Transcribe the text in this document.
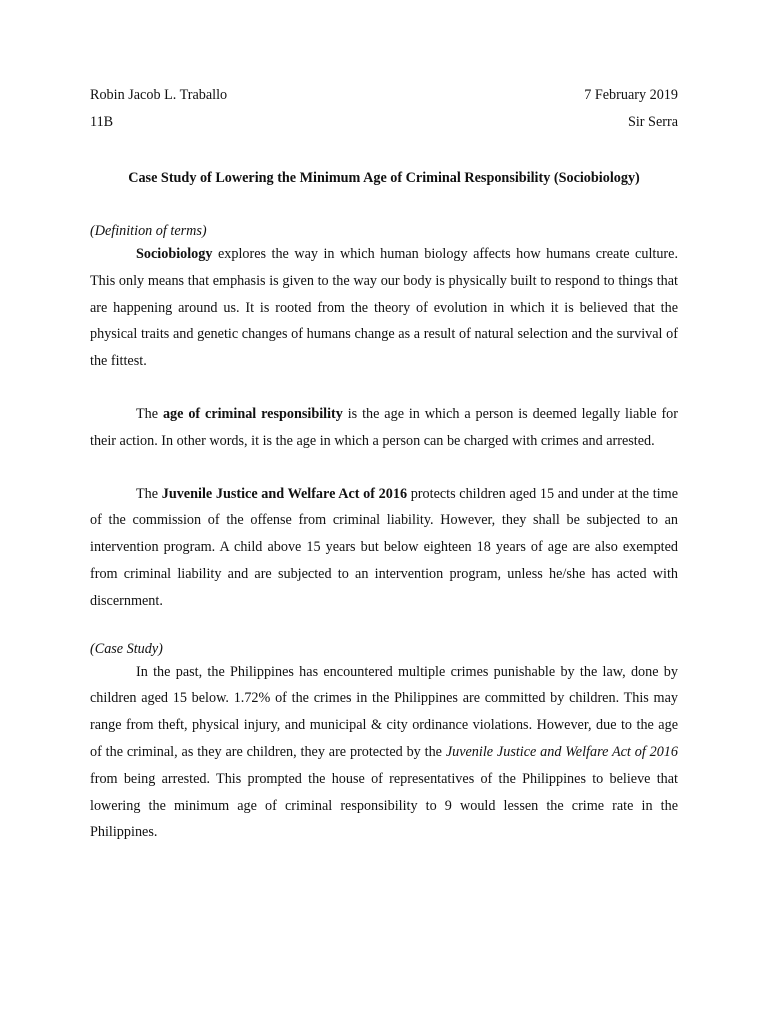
Robin Jacob L. Traballo	7 February 2019
11B	Sir Serra
Case Study of Lowering the Minimum Age of Criminal Responsibility (Sociobiology)
(Definition of terms)

Sociobiology explores the way in which human biology affects how humans create culture. This only means that emphasis is given to the way our body is physically built to respond to things that are happening around us. It is rooted from the theory of evolution in which it is believed that the physical traits and genetic changes of humans change as a result of natural selection and the survival of the fittest.

The age of criminal responsibility is the age in which a person is deemed legally liable for their action. In other words, it is the age in which a person can be charged with crimes and arrested.

The Juvenile Justice and Welfare Act of 2016 protects children aged 15 and under at the time of the commission of the offense from criminal liability. However, they shall be subjected to an intervention program. A child above 15 years but below eighteen 18 years of age are also exempted from criminal liability and are subjected to an intervention program, unless he/she has acted with discernment.

(Case Study)

In the past, the Philippines has encountered multiple crimes punishable by the law, done by children aged 15 below. 1.72% of the crimes in the Philippines are committed by children. This may range from theft, physical injury, and municipal & city ordinance violations. However, due to the age of the criminal, as they are children, they are protected by the Juvenile Justice and Welfare Act of 2016 from being arrested. This prompted the house of representatives of the Philippines to believe that lowering the minimum age of criminal responsibility to 9 would lessen the crime rate in the Philippines.
